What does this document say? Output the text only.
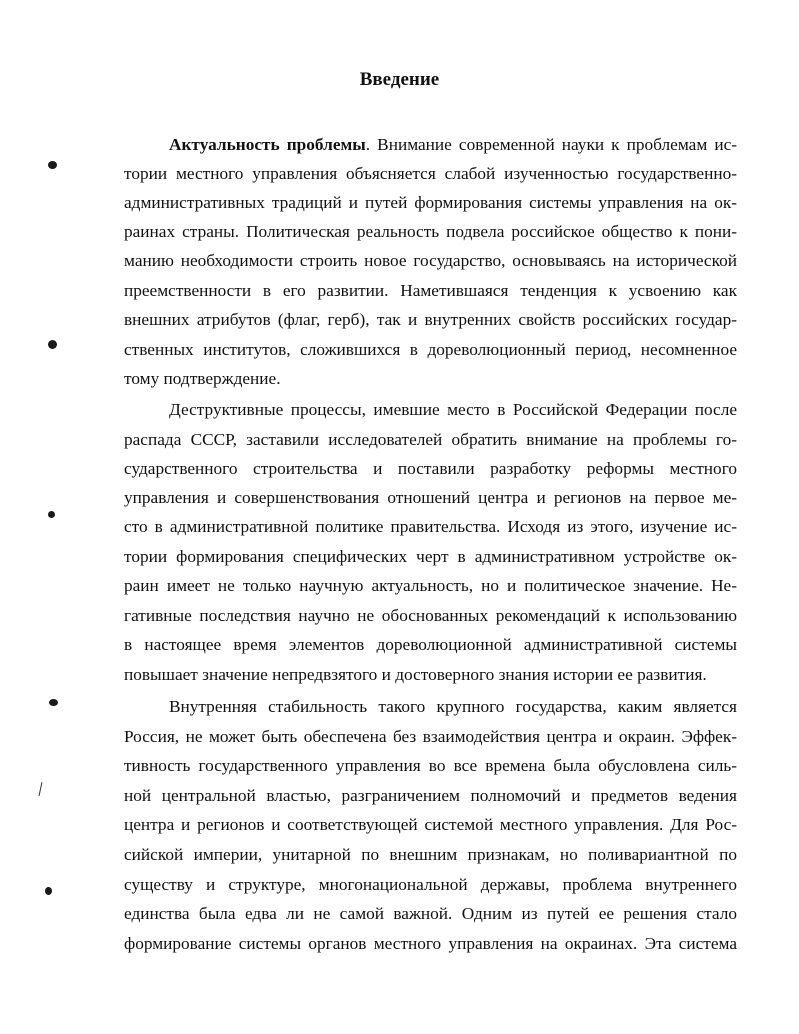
Введение
Актуальность проблемы. Внимание современной науки к проблемам ис-
тории местного управления объясняется слабой изученностью государственно-
административных традиций и путей формирования системы управления на ок-
раинах страны. Политическая реальность подвела российское общество к пони-
манию необходимости строить новое государство, основываясь на исторической
преемственности в его развитии. Наметившаяся тенденция к усвоению как
внешних атрибутов (флаг, герб), так и внутренних свойств российских государ-
ственных институтов, сложившихся в дореволюционный период, несомненное
тому подтверждение.
Деструктивные процессы, имевшие место в Российской Федерации после
распада СССР, заставили исследователей обратить внимание на проблемы го-
сударственного строительства и поставили разработку реформы местного
управления и совершенствования отношений центра и регионов на первое ме-
сто в административной политике правительства. Исходя из этого, изучение ис-
тории формирования специфических черт в административном устройстве ок-
раин имеет не только научную актуальность, но и политическое значение. Не-
гативные последствия научно не обоснованных рекомендаций к использованию
в настоящее время элементов дореволюционной административной системы
повышает значение непредвзятого и достоверного знания истории ее развития.
Внутренняя стабильность такого крупного государства, каким является
Россия, не может быть обеспечена без взаимодействия центра и окраин. Эффек-
тивность государственного управления во все времена была обусловлена силь-
ной центральной властью, разграничением полномочий и предметов ведения
центра и регионов и соответствующей системой местного управления. Для Рос-
сийской империи, унитарной по внешним признакам, но поливариантной по
существу и структуре, многонациональной державы, проблема внутреннего
единства была едва ли не самой важной. Одним из путей ее решения стало
формирование системы органов местного управления на окраинах. Эта система
